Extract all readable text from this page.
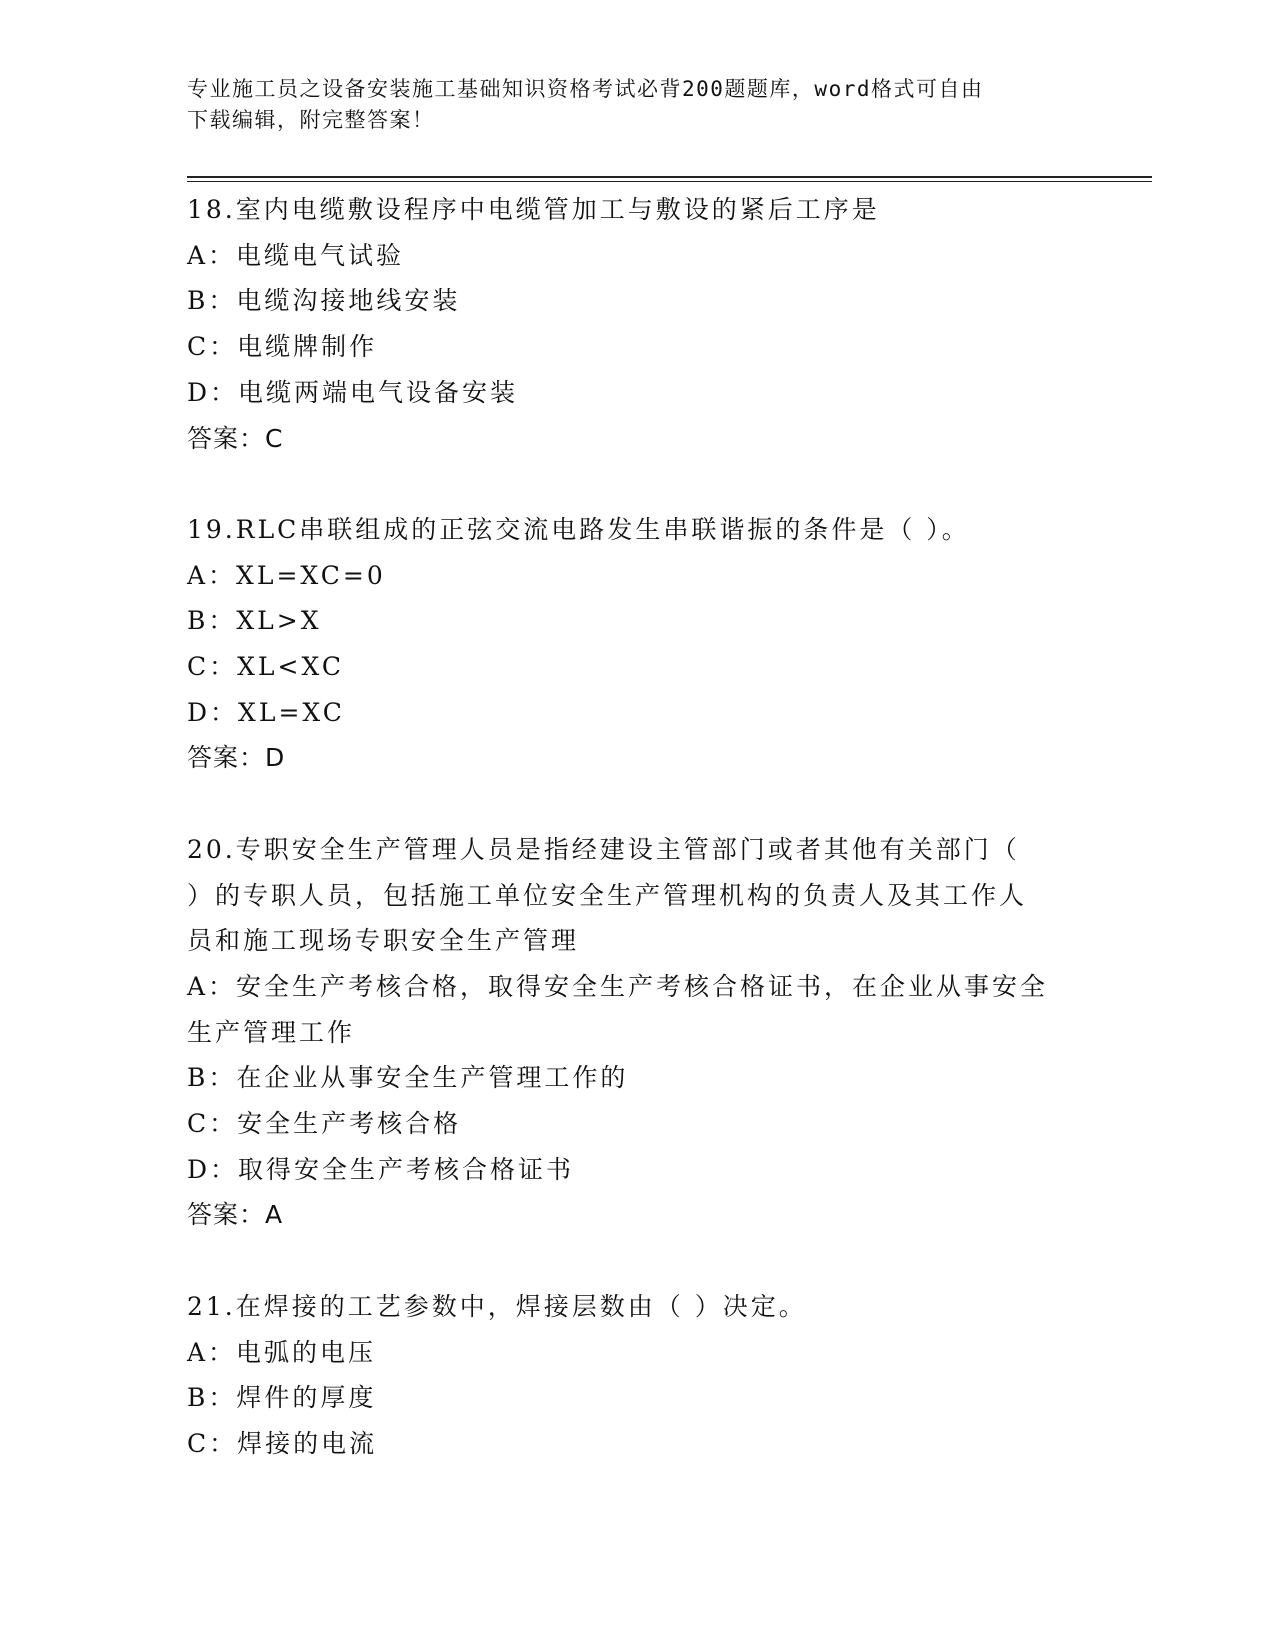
专业施工员之设备安装施工基础知识资格考试必背200题题库，word格式可自由
下载编辑，附完整答案！
18.室内电缆敷设程序中电缆管加工与敷设的紧后工序是
A：电缆电气试验
B：电缆沟接地线安装
C：电缆牌制作
D：电缆两端电气设备安装
答案：C
19.RLC串联组成的正弦交流电路发生串联谐振的条件是（ ）。
A：XL=XC=0
B：XL>X
C：XL<XC
D：XL=XC
答案：D
20.专职安全生产管理人员是指经建设主管部门或者其他有关部门（
）的专职人员，包括施工单位安全生产管理机构的负责人及其工作人
员和施工现场专职安全生产管理
A：安全生产考核合格，取得安全生产考核合格证书，在企业从事安全
生产管理工作
B：在企业从事安全生产管理工作的
C：安全生产考核合格
D：取得安全生产考核合格证书
答案：A
21.在焊接的工艺参数中，焊接层数由（ ）决定。
A：电弧的电压
B：焊件的厚度
C：焊接的电流
